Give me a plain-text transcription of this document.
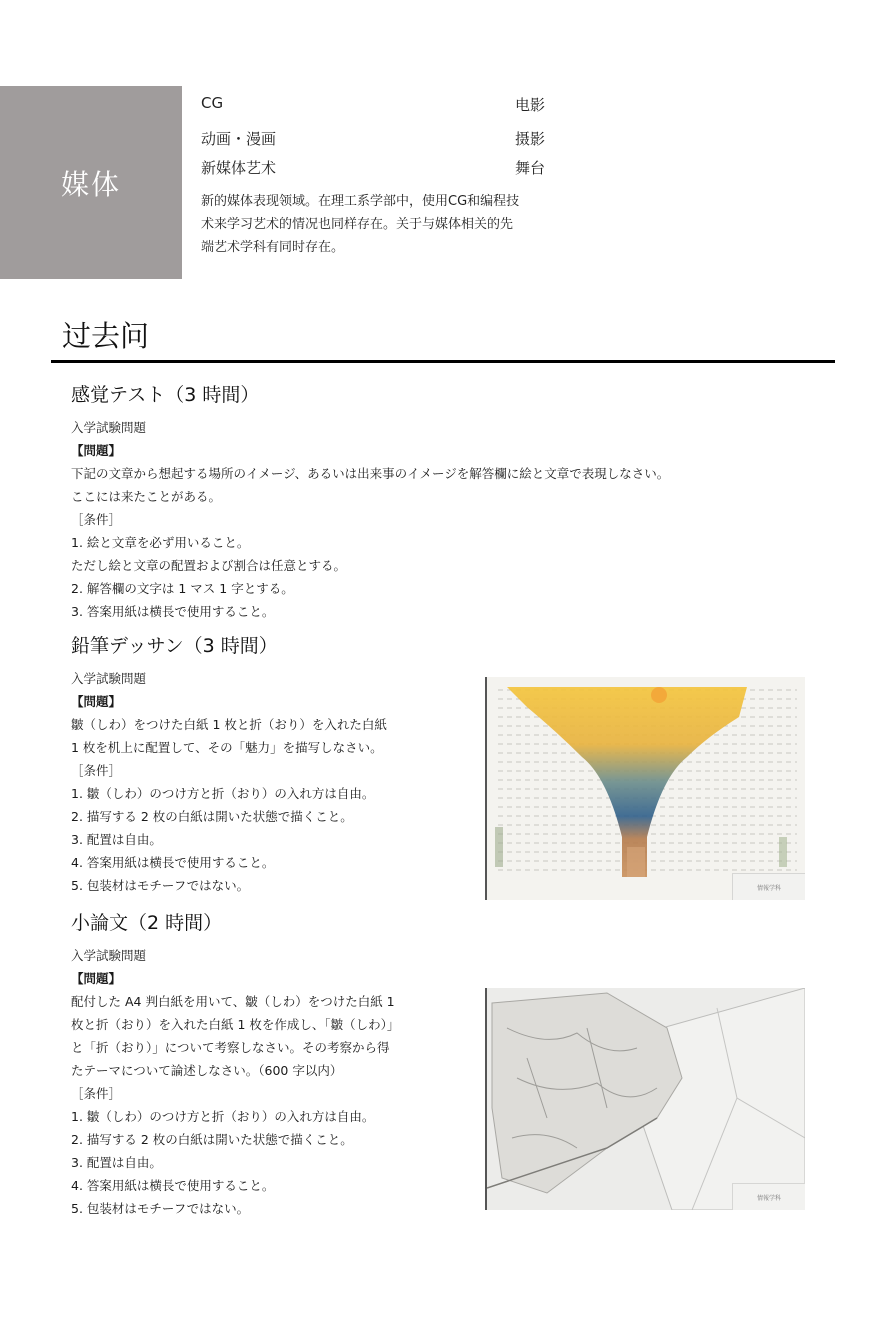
媒体
CG
动画・漫画
新媒体艺术
电影
摄影
舞台
新的媒体表现领域。在理工系学部中，使用CG和编程技
术来学习艺术的情况也同样存在。关于与媒体相关的先
端艺术学科有同时存在。
过去问
感覚テスト（3 時間）
入学試験問題
【問題】
下記の文章から想起する場所のイメージ、あるいは出来事のイメージを解答欄に絵と文章で表現しなさい。
ここには来たことがある。
［条件］
1. 絵と文章を必ず用いること。
ただし絵と文章の配置および割合は任意とする。
2. 解答欄の文字は 1 マス 1 字とする。
3. 答案用紙は横長で使用すること。
鉛筆デッサン（3 時間）
入学試験問題
【問題】
皺（しわ）をつけた白紙 1 枚と折（おり）を入れた白紙
1 枚を机上に配置して、その「魅力」を描写しなさい。
［条件］
1. 皺（しわ）のつけ方と折（おり）の入れ方は自由。
2. 描写する 2 枚の白紙は開いた状態で描くこと。
3. 配置は自由。
4. 答案用紙は横長で使用すること。
5. 包装材はモチーフではない。	情報学科
小論文（2 時間）
入学試験問題
【問題】
配付した A4 判白紙を用いて、皺（しわ）をつけた白紙 1
枚と折（おり）を入れた白紙 1 枚を作成し、「皺（しわ）」
と「折（おり）」について考察しなさい。その考察から得
たテーマについて論述しなさい。（600 字以内）
［条件］
1. 皺（しわ）のつけ方と折（おり）の入れ方は自由。
2. 描写する 2 枚の白紙は開いた状態で描くこと。
3. 配置は自由。
4. 答案用紙は横長で使用すること。
5. 包装材はモチーフではない。
情報学科
